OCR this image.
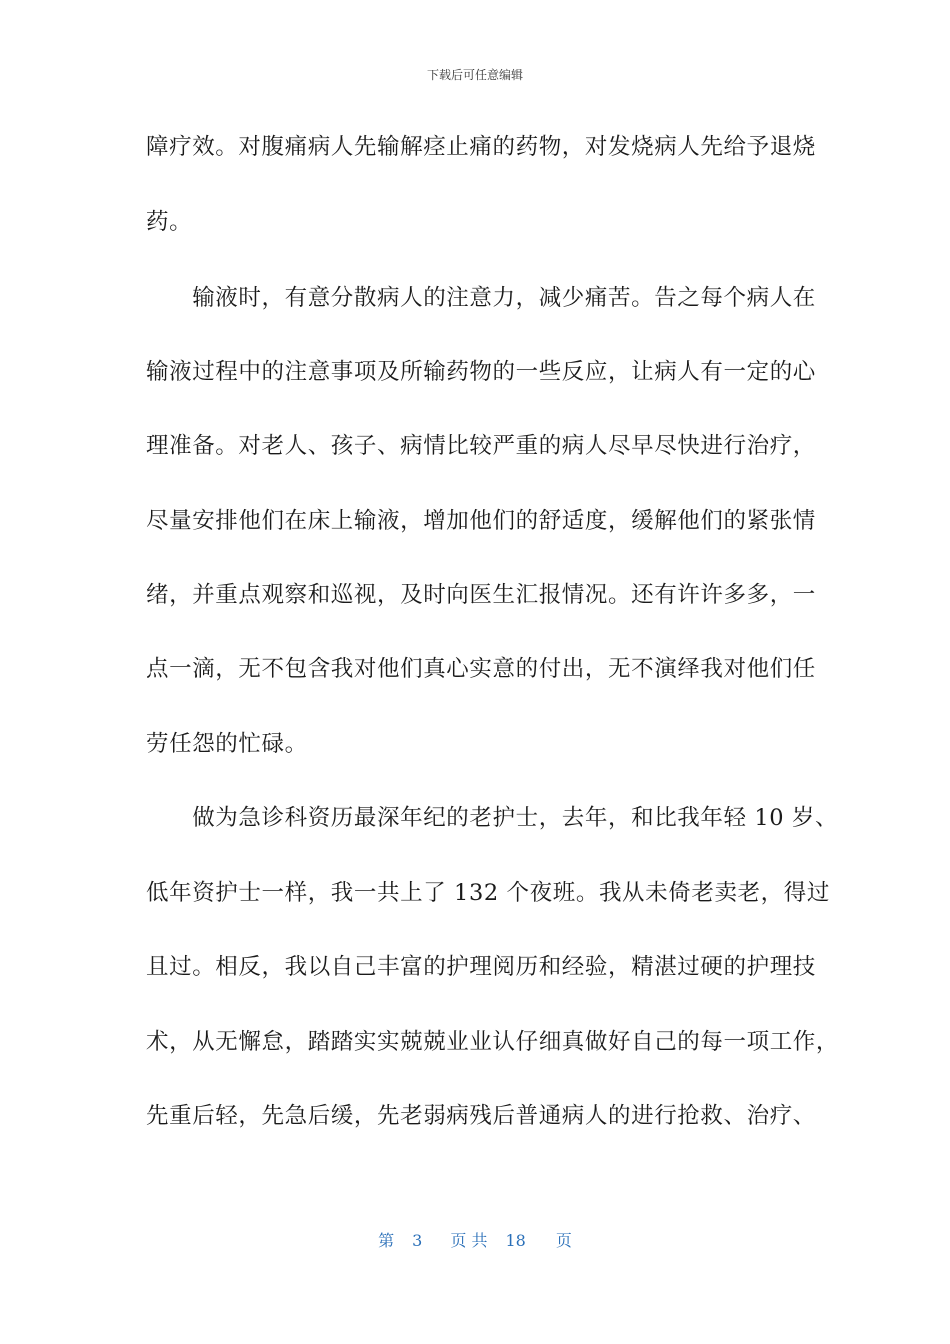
下载后可任意编辑
障疗效。对腹痛病人先输解痉止痛的药物，对发烧病人先给予退烧
药。
　　输液时，有意分散病人的注意力，减少痛苦。告之每个病人在
输液过程中的注意事项及所输药物的一些反应，让病人有一定的心
理准备。对老人、孩子、病情比较严重的病人尽早尽快进行治疗，
尽量安排他们在床上输液，增加他们的舒适度，缓解他们的紧张情
绪，并重点观察和巡视，及时向医生汇报情况。还有许许多多，一
点一滴，无不包含我对他们真心实意的付出，无不演绎我对他们任
劳任怨的忙碌。
　　做为急诊科资历最深年纪的老护士，去年，和比我年轻 10 岁、
低年资护士一样，我一共上了 132 个夜班。我从未倚老卖老，得过
且过。相反，我以自己丰富的护理阅历和经验，精湛过硬的护理技
术，从无懈怠，踏踏实实兢兢业业认仔细真做好自己的每一项工作，
先重后轻，先急后缓，先老弱病残后普通病人的进行抢救、治疗、
第 3 页 共 18 页
